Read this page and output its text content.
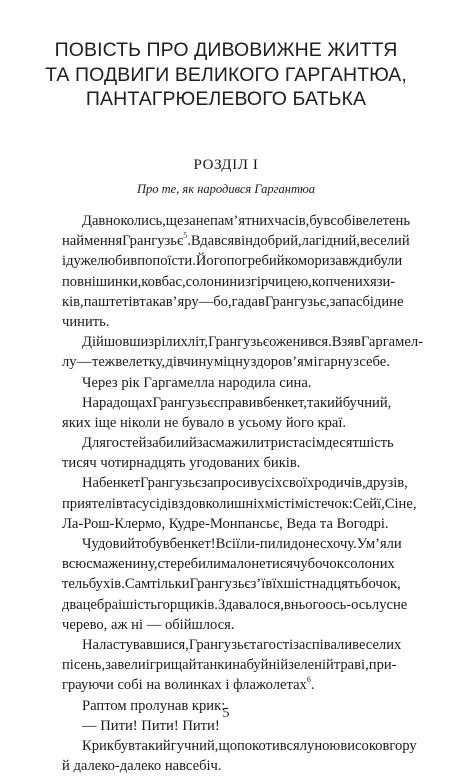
ПОВІСТЬ ПРО ДИВОВИЖНЕ ЖИТТЯ
ТА ПОДВИГИ ВЕЛИКОГО ГАРГАНТЮА,
ПАНТАГРЮЕЛЕВОГО БАТЬКА
РОЗДІЛ І
Про те, як народився Гаргантюа
Давно колись, ще за непам’ятних часів, був собі велетень
на ймення Грангузьє$^5$. Вдався він добрий, лагідний, веселий
і дуже любив попоїсти. Його погреби й комори завжди були
повні шинки, ковбас, солонини з гірчицею, копчених язи-
ків, паштетів та кав’яру — бо, гадав Грангузьє, запас біди не
чинить.
Дійшовши зрілих літ, Грангузьє оженився. Взяв Гаргамел-
лу — теж велетку, дівчину міцну здоров’ям і гарну з себе.
Через рік Гаргамелла народила сина.
На радощах Грангузьє справив бенкет, такий бучний,
яких іще ніколи не бувало в усьому його краї.
Для гостей забили й засмажили триста сімдесят шість
тисяч чотирнадцять угодованих биків.
На бенкет Грангузьє запросив усіх своїх родичів, друзів,
приятелів та сусідів з довколишніх міст і містечок: Сейї, Сіне,
Ла-Рош-Клермо, Кудре-Монпансьє, Веда та Вогодрі.
Чудовий то був бенкет! Всі їли-пили донесхочу. Ум’яли
всю смаженину, стеребили мало не тисячу бочок солоних
тельбухів. Сам тільки Грангузьє з’їв їх шістнадцять бочок,
два цебра і шість горщиків. Здавалося, в нього ось-ось лусне
черево, аж ні — обійшлося.
Наластувавшися, Грангузьє та гості заспівали веселих
пісень, завели ігрища й танки на буйній зеленій траві, при-
грауючи собі на волинках і флажолетах$^6$.
Раптом пролунав крик:
— Пити! Пити! Пити!
Крик був такий гучний, що покотився луною високо вгору
й далеко-далеко навсебіч.
5
